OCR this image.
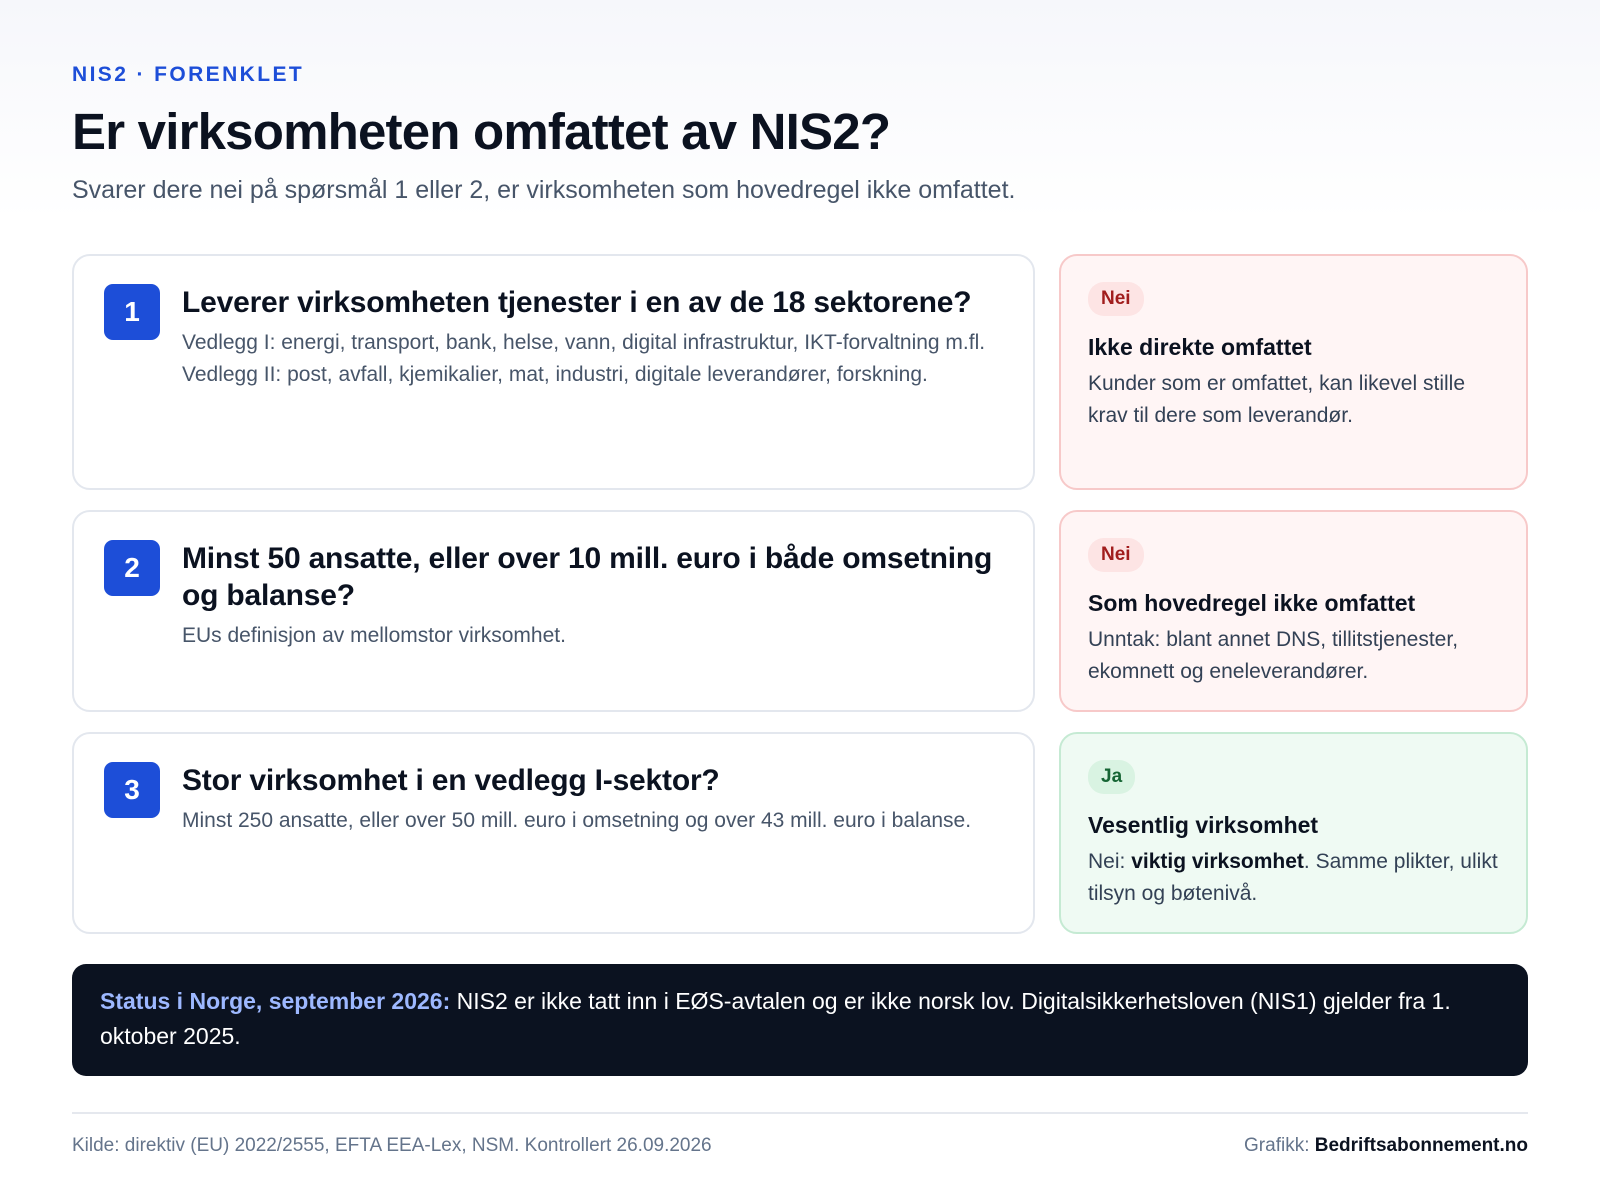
NIS2 · FORENKLET
Er virksomheten omfattet av NIS2?

Svarer dere nei på spørsmål 1 eller 2, er virksomheten som hovedregel ikke omfattet.

1	Leverer virksomheten tjenester i en av de 18 sektorene?
Vedlegg I: energi, transport, bank, helse, vann, digital infrastruktur, IKT-forvaltning m.fl. Vedlegg II: post, avfall, kjemikalier, mat, industri, digitale leverandører, forskning.
Nei
Ikke direkte omfattet
Kunder som er omfattet, kan likevel stille krav til dere som leverandør.
2	Minst 50 ansatte, eller over 10 mill. euro i både omsetning og balanse?
EUs definisjon av mellomstor virksomhet.
Nei
Som hovedregel ikke omfattet
Unntak: blant annet DNS, tillitstjenester, ekomnett og eneleverandører.
3	Stor virksomhet i en vedlegg I-sektor?
Minst 250 ansatte, eller over 50 mill. euro i omsetning og over 43 mill. euro i balanse.
Ja
Vesentlig virksomhet
Nei: viktig virksomhet. Samme plikter, ulikt tilsyn og bøtenivå.
Status i Norge, september 2026: NIS2 er ikke tatt inn i EØS-avtalen og er ikke norsk lov. Digitalsikkerhetsloven (NIS1) gjelder fra 1. oktober 2025.
Kilde: direktiv (EU) 2022/2555, EFTA EEA-Lex, NSM. Kontrollert 26.09.2026	Grafikk: Bedriftsabonnement.no
